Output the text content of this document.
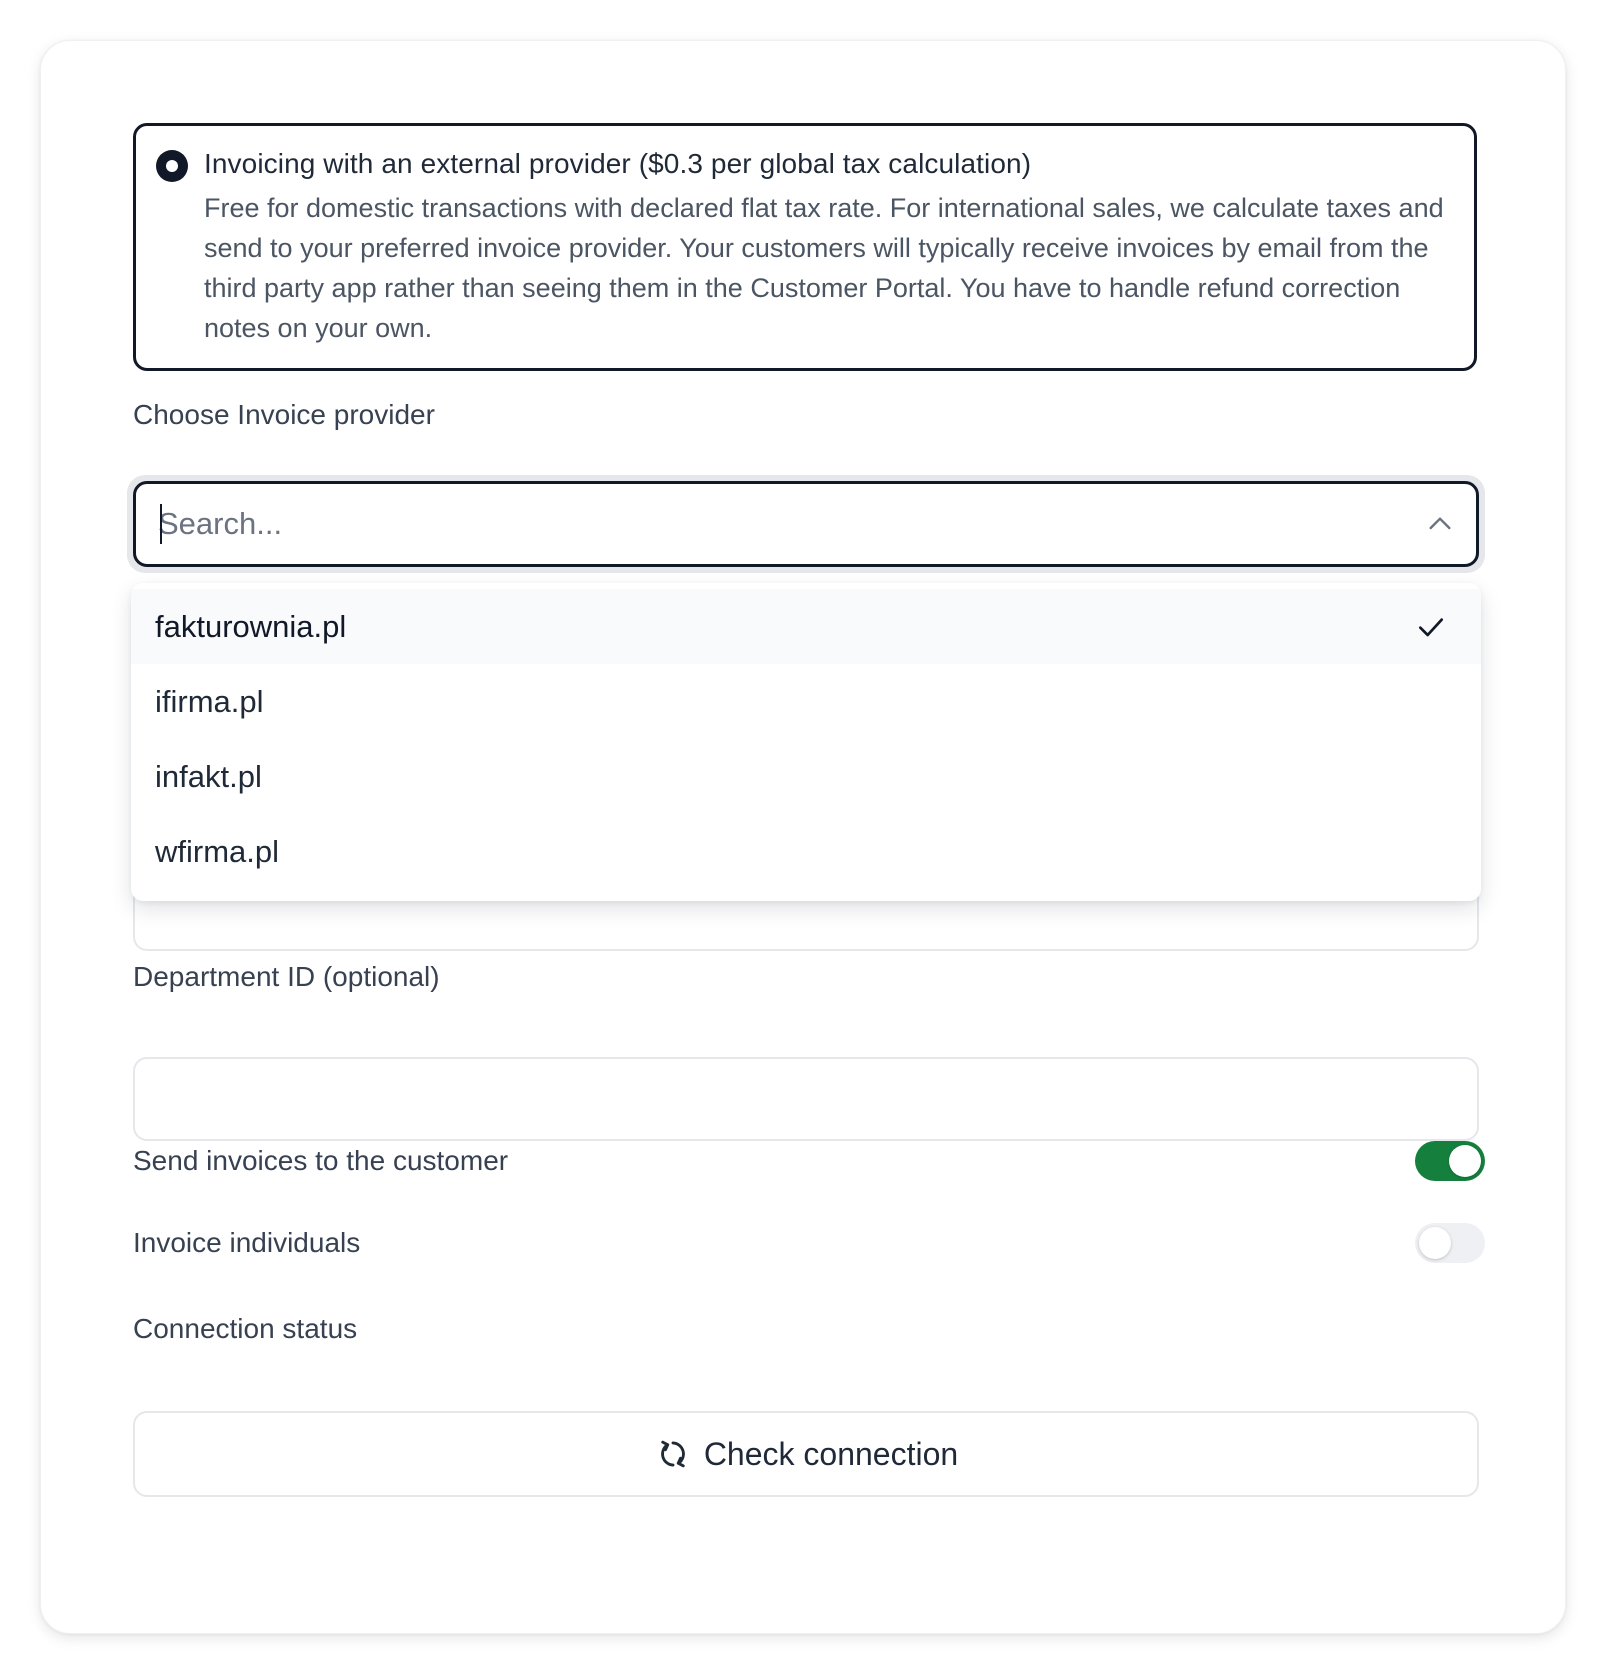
Invoicing with an external provider ($0.3 per global tax calculation)
Free for domestic transactions with declared flat tax rate. For international sales, we calculate taxes and send to your preferred invoice provider. Your customers will typically receive invoices by email from the third party app rather than seeing them in the Customer Portal. You have to handle refund correction notes on your own.
Choose Invoice provider
Search...
fakturownia.pl
ifirma.pl
infakt.pl
wfirma.pl
Department ID (optional)
Send invoices to the customer
Invoice individuals
Connection status
Check connection
